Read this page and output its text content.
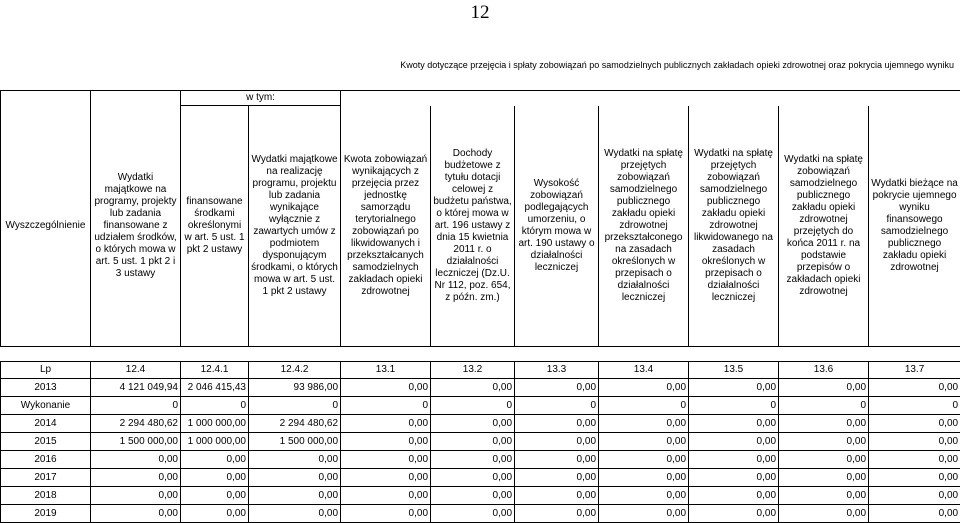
12
Kwoty dotyczące przejęcia i spłaty zobowiązań po samodzielnych publicznych zakładach opieki zdrowotnej oraz pokrycia ujemnego wyniku
		w tym:								
Wyszczególnienie	Wydatki majątkowe na programy, projekty lub zadania finansowane z udziałem środków, o których mowa w art. 5 ust. 1 pkt 2 i 3 ustawy	finansowane środkami określonymi w art. 5 ust. 1 pkt 2 ustawy	Wydatki majątkowe na realizację programu, projektu lub zadania wynikające wyłącznie z zawartych umów z podmiotem dysponującym środkami, o których mowa w art. 5 ust. 1 pkt 2 ustawy	Kwota zobowiązań wynikających z przejęcia przez jednostkę samorządu terytorialnego zobowiązań po likwidowanych i przekształcanych samodzielnych zakładach opieki zdrowotnej	Dochody budżetowe z tytułu dotacji celowej z budżetu państwa, o której mowa w art. 196 ustawy z dnia 15 kwietnia 2011 r. o działalności leczniczej (Dz.U. Nr 112, poz. 654, z późn. zm.)	Wysokość zobowiązań podlegających umorzeniu, o którym mowa w art. 190 ustawy o działalności leczniczej	Wydatki na spłatę przejętych zobowiązań samodzielnego publicznego zakładu opieki zdrowotnej przekształconego na zasadach określonych w przepisach o działalności leczniczej	Wydatki na spłatę przejętych zobowiązań samodzielnego publicznego zakładu opieki zdrowotnej likwidowanego na zasadach określonych w przepisach o działalności leczniczej	Wydatki na spłatę zobowiązań samodzielnego publicznego zakładu opieki zdrowotnej przejętych do końca 2011 r. na podstawie przepisów o zakładach opieki zdrowotnej	Wydatki bieżące na pokrycie ujemnego wyniku finansowego samodzielnego publicznego zakładu opieki zdrowotnej

Lp	12.4	12.4.1	12.4.2	13.1	13.2	13.3	13.4	13.5	13.6	13.7
2013	4 121 049,94	2 046 415,43	93 986,00	0,00	0,00	0,00	0,00	0,00	0,00	0,00
Wykonanie	0	0	0	0	0	0	0	0	0	0
2014	2 294 480,62	1 000 000,00	2 294 480,62	0,00	0,00	0,00	0,00	0,00	0,00	0,00
2015	1 500 000,00	1 000 000,00	1 500 000,00	0,00	0,00	0,00	0,00	0,00	0,00	0,00
2016	0,00	0,00	0,00	0,00	0,00	0,00	0,00	0,00	0,00	0,00
2017	0,00	0,00	0,00	0,00	0,00	0,00	0,00	0,00	0,00	0,00
2018	0,00	0,00	0,00	0,00	0,00	0,00	0,00	0,00	0,00	0,00
2019	0,00	0,00	0,00	0,00	0,00	0,00	0,00	0,00	0,00	0,00
